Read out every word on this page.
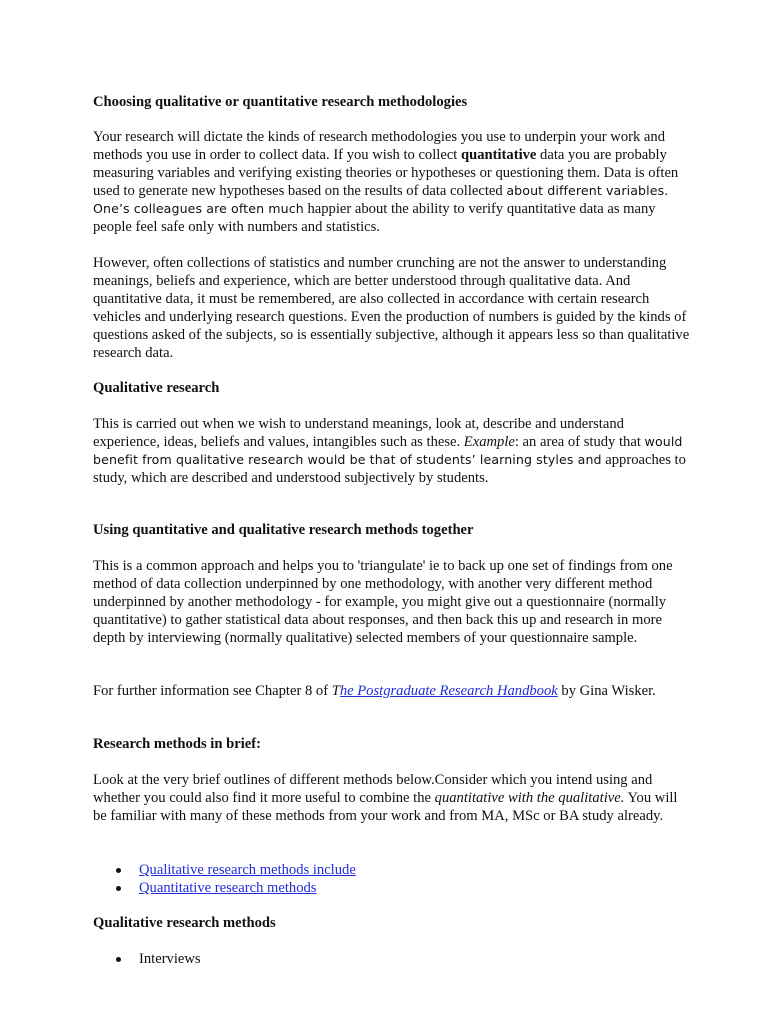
Choosing qualitative or quantitative research methodologies

Your research will dictate the kinds of research methodologies you use to underpin your work and methods you use in order to collect data. If you wish to collect quantitative data you are probably measuring variables and verifying existing theories or hypotheses or questioning them. Data is often used to generate new hypotheses based on the results of data collected about different variables. One’s colleagues are often much happier about the ability to verify quantitative data as many people feel safe only with numbers and statistics.

However, often collections of statistics and number crunching are not the answer to understanding meanings, beliefs and experience, which are better understood through qualitative data. And quantitative data, it must be remembered, are also collected in accordance with certain research vehicles and underlying research questions. Even the production of numbers is guided by the kinds of questions asked of the subjects, so is essentially subjective, although it appears less so than qualitative research data.

Qualitative research

This is carried out when we wish to understand meanings, look at, describe and understand experience, ideas, beliefs and values, intangibles such as these. Example: an area of study that would benefit from qualitative research would be that of students’ learning styles and approaches to study, which are described and understood subjectively by students.

Using quantitative and qualitative research methods together

This is a common approach and helps you to 'triangulate' ie to back up one set of findings from one method of data collection underpinned by one methodology, with another very different method underpinned by another methodology - for example, you might give out a questionnaire (normally quantitative) to gather statistical data about responses, and then back this up and research in more depth by interviewing (normally qualitative) selected members of your questionnaire sample.

For further information see Chapter 8 of The Postgraduate Research Handbook by Gina Wisker.

Research methods in brief:

Look at the very brief outlines of different methods below.Consider which you intend using and whether you could also find it more useful to combine the quantitative with the qualitative. You will be familiar with many of these methods from your work and from MA, MSc or BA study already.

Qualitative research methods include
Quantitative research methods

Qualitative research methods

Interviews
